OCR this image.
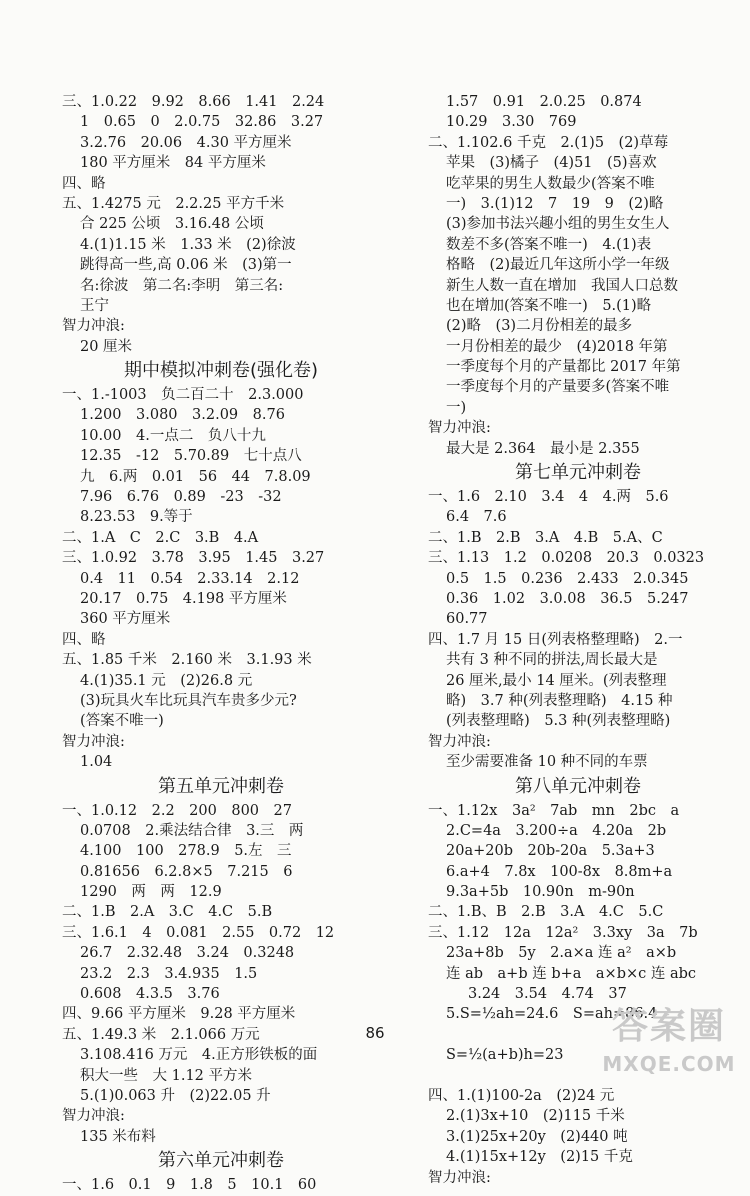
三、1.0.22　9.92　8.66　1.41　2.24
1　0.65　0　2.0.75　32.86　3.27
3.2.76　20.06　4.30 平方厘米
180 平方厘米　84 平方厘米
四、略
五、1.4275 元　2.2.25 平方千米
合 225 公顷　3.16.48 公顷
4.(1)1.15 米　1.33 米　(2)徐波
跳得高一些,高 0.06 米　(3)第一
名:徐波　第二名:李明　第三名:
王宁
智力冲浪:
20 厘米
期中模拟冲刺卷(强化卷)
一、1.-1003　负二百二十　2.3.000
1.200　3.080　3.2.09　8.76
10.00　4.一点二　负八十九
12.35　-12　5.70.89　七十点八
九　6.两　0.01　56　44　7.8.09
7.96　6.76　0.89　-23　-32
8.23.53　9.等于
二、1.A　C　2.C　3.B　4.A
三、1.0.92　3.78　3.95　1.45　3.27
0.4　11　0.54　2.33.14　2.12
20.17　0.75　4.198 平方厘米
360 平方厘米
四、略
五、1.85 千米　2.160 米　3.1.93 米
4.(1)35.1 元　(2)26.8 元
(3)玩具火车比玩具汽车贵多少元?
(答案不唯一)
智力冲浪:
1.04
第五单元冲刺卷
一、1.0.12　2.2　200　800　27
0.0708　2.乘法结合律　3.三　两
4.100　100　278.9　5.左　三
0.81656　6.2.8×5　7.215　6
1290　两　两　12.9
二、1.B　2.A　3.C　4.C　5.B
三、1.6.1　4　0.081　2.55　0.72　12
26.7　2.32.48　3.24　0.3248
23.2　2.3　3.4.935　1.5
0.608　4.3.5　3.76
四、9.66 平方厘米　9.28 平方厘米
五、1.49.3 米　2.1.066 万元
3.108.416 万元　4.正方形铁板的面
积大一些　大 1.12 平方米
5.(1)0.063 升　(2)22.05 升
智力冲浪:
135 米布料
第六单元冲刺卷
一、1.6　0.1　9　1.8　5　10.1　60
1.57　0.91　2.0.25　0.874
10.29　3.30　769
二、1.102.6 千克　2.(1)5　(2)草莓
苹果　(3)橘子　(4)51　(5)喜欢
吃苹果的男生人数最少(答案不唯
一)　3.(1)12　7　19　9　(2)略
(3)参加书法兴趣小组的男生女生人
数差不多(答案不唯一)　4.(1)表
格略　(2)最近几年这所小学一年级
新生人数一直在增加　我国人口总数
也在增加(答案不唯一)　5.(1)略
(2)略　(3)二月份相差的最多
一月份相差的最少　(4)2018 年第
一季度每个月的产量都比 2017 年第
一季度每个月的产量要多(答案不唯
一)
智力冲浪:
最大是 2.364　最小是 2.355
第七单元冲刺卷
一、1.6　2.10　3.4　4　4.两　5.6
6.4　7.6
二、1.B　2.B　3.A　4.B　5.A、C
三、1.13　1.2　0.0208　20.3　0.0323
0.5　1.5　0.236　2.433　2.0.345
0.36　1.02　3.0.08　36.5　5.247
60.77
四、1.7 月 15 日(列表格整理略)　2.一
共有 3 种不同的拼法,周长最大是
26 厘米,最小 14 厘米。(列表整理
略)　3.7 种(列表整理略)　4.15 种
(列表整理略)　5.3 种(列表整理略)
智力冲浪:
至少需要准备 10 种不同的车票
第八单元冲刺卷
一、1.12x　3a²　7ab　mn　2bc　a
2.C=4a　3.200÷a　4.20a　2b
20a+20b　20b-20a　5.3a+3
6.a+4　7.8x　100-8x　8.8m+a
9.3a+5b　10.90n　m-90n
二、1.B、B　2.B　3.A　4.C　5.C
三、1.12　12a　12a²　3.3xy　3a　7b
23a+8b　5y　2.a×a 连 a²　a×b
连 ab　a+b 连 b+a　a×b×c 连 abc
3.24　3.54　4.74　37
5.S=½ah=24.6　S=ah=86.4
S=½(a+b)h=23
四、1.(1)100-2a　(2)24 元
2.(1)3x+10　(2)115 千米
3.(1)25x+20y　(2)440 吨
4.(1)15x+12y　(2)15 千克
智力冲浪:
86	答案圈
MXQE.COM
